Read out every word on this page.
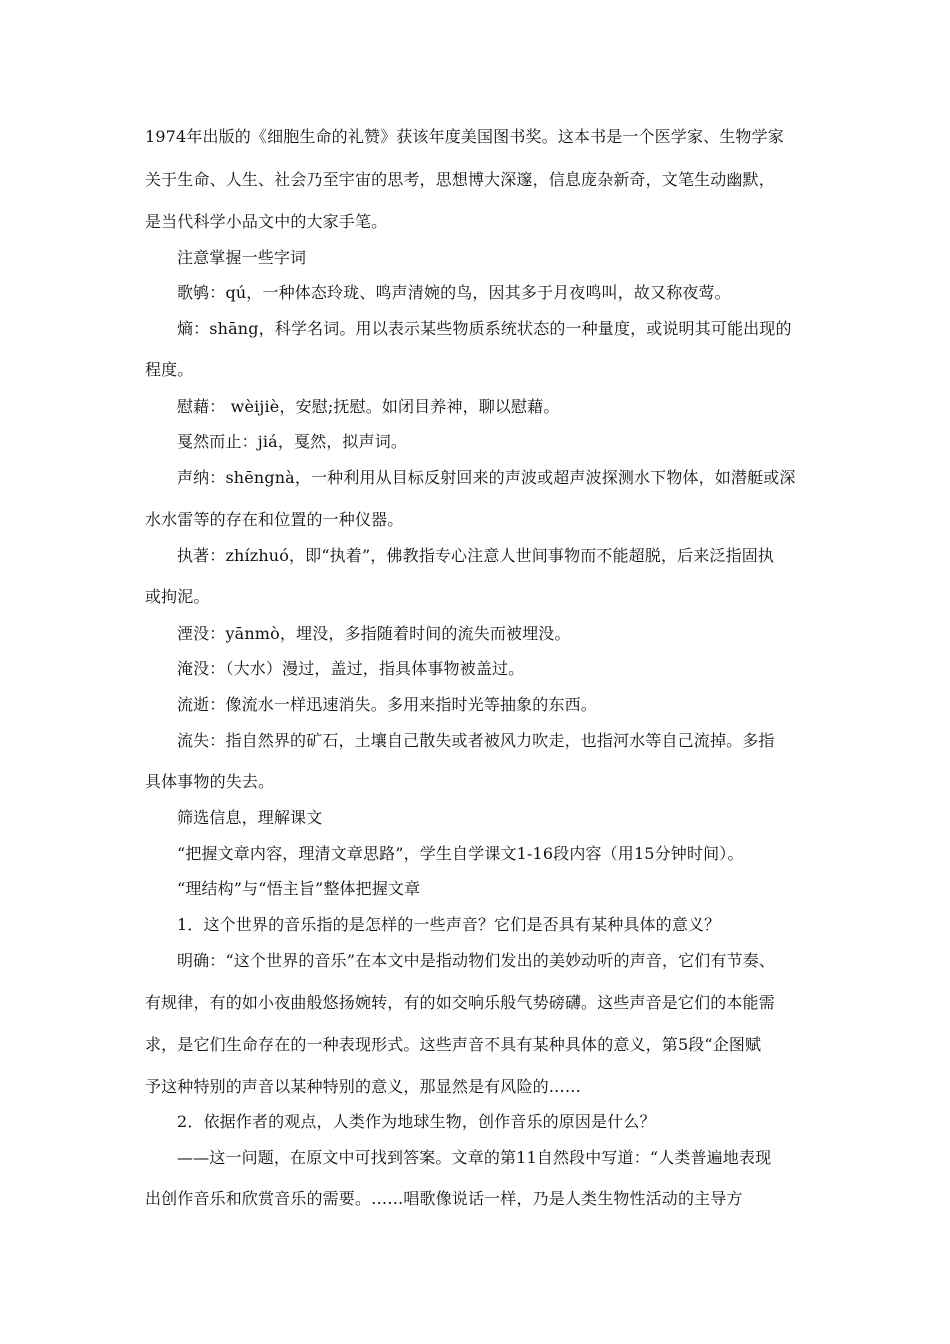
1974年出版的《细胞生命的礼赞》获该年度美国图书奖。这本书是一个医学家、生物学家
关于生命、人生、社会乃至宇宙的思考，思想博大深邃，信息庞杂新奇，文笔生动幽默，
是当代科学小品文中的大家手笔。
注意掌握一些字词
歌鸲：qú，一种体态玲珑、鸣声清婉的鸟，因其多于月夜鸣叫，故又称夜莺。
熵：shāng，科学名词。用以表示某些物质系统状态的一种量度，或说明其可能出现的
程度。
慰藉： wèijiè，安慰;抚慰。如闭目养神，聊以慰藉。
戛然而止：jiá，戛然，拟声词。
声纳：shēngnà，一种利用从目标反射回来的声波或超声波探测水下物体，如潜艇或深
水水雷等的存在和位置的一种仪器。
执著：zhízhuó，即“执着”，佛教指专心注意人世间事物而不能超脱，后来泛指固执
或拘泥。
湮没：yānmò，埋没，多指随着时间的流失而被埋没。
淹没：（大水）漫过，盖过，指具体事物被盖过。
流逝：像流水一样迅速消失。多用来指时光等抽象的东西。
流失：指自然界的矿石，土壤自己散失或者被风力吹走，也指河水等自己流掉。多指
具体事物的失去。
筛选信息，理解课文
“把握文章内容，理清文章思路”，学生自学课文1-16段内容（用15分钟时间）。
“理结构”与“悟主旨”整体把握文章
1．这个世界的音乐指的是怎样的一些声音？它们是否具有某种具体的意义？
明确：“这个世界的音乐”在本文中是指动物们发出的美妙动听的声音，它们有节奏、
有规律，有的如小夜曲般悠扬婉转，有的如交响乐般气势磅礴。这些声音是它们的本能需
求，是它们生命存在的一种表现形式。这些声音不具有某种具体的意义，第5段“企图赋
予这种特别的声音以某种特别的意义，那显然是有风险的……
2．依据作者的观点，人类作为地球生物，创作音乐的原因是什么？
——这一问题，在原文中可找到答案。文章的第11自然段中写道：“人类普遍地表现
出创作音乐和欣赏音乐的需要。……唱歌像说话一样，乃是人类生物性活动的主导方
